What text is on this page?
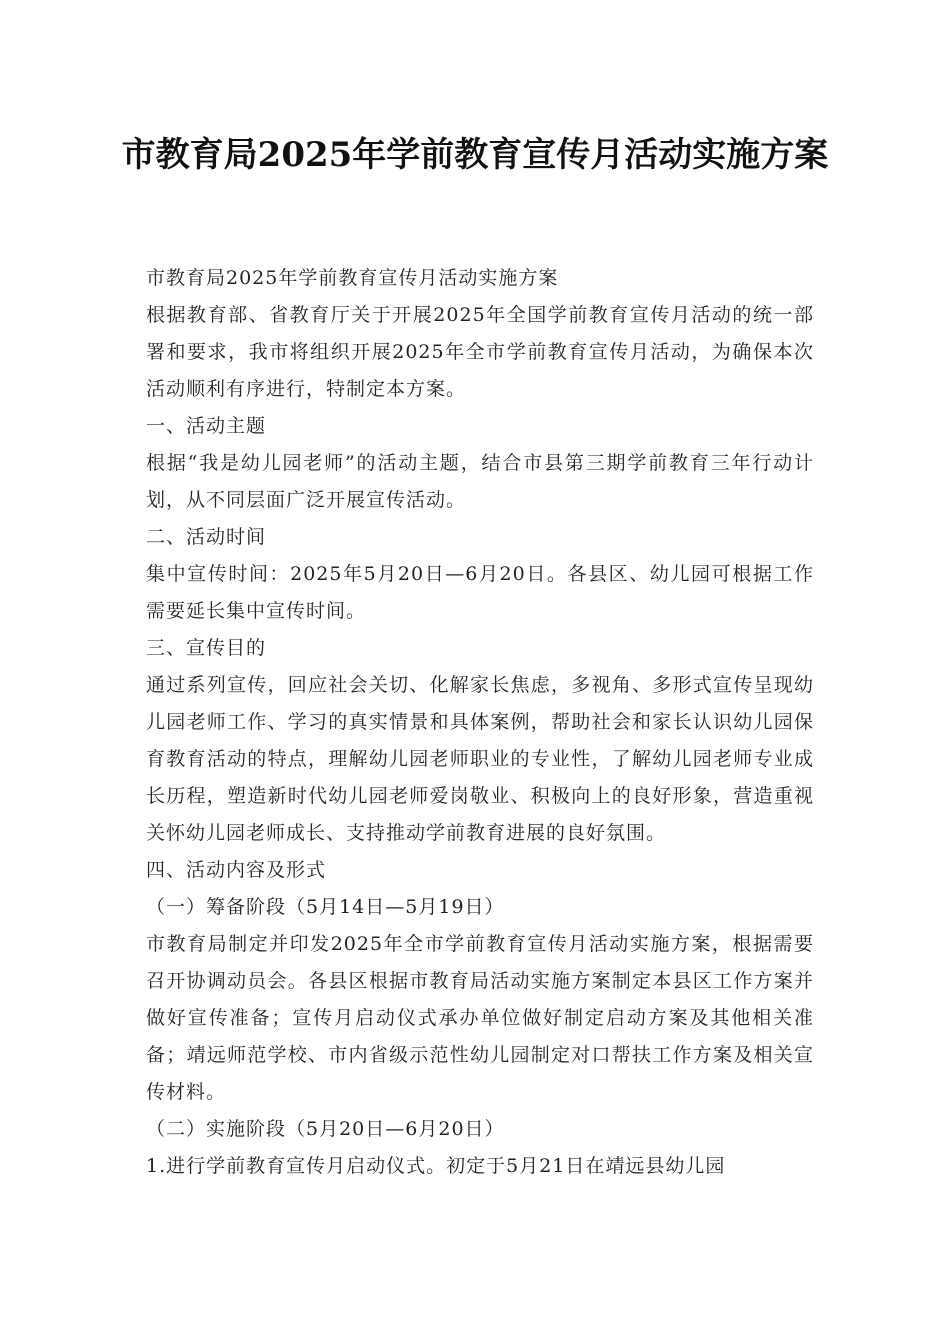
市教育局2025年学前教育宣传月活动实施方案

市教育局2025年学前教育宣传月活动实施方案

根据教育部、省教育厅关于开展2025年全国学前教育宣传月活动的统一部署和要求，我市将组织开展2025年全市学前教育宣传月活动，为确保本次活动顺利有序进行，特制定本方案。

一、活动主题

根据“我是幼儿园老师”的活动主题，结合市县第三期学前教育三年行动计划，从不同层面广泛开展宣传活动。

二、活动时间

集中宣传时间：2025年5月20日—6月20日。各县区、幼儿园可根据工作需要延长集中宣传时间。

三、宣传目的

通过系列宣传，回应社会关切、化解家长焦虑，多视角、多形式宣传呈现幼儿园老师工作、学习的真实情景和具体案例，帮助社会和家长认识幼儿园保育教育活动的特点，理解幼儿园老师职业的专业性，了解幼儿园老师专业成长历程，塑造新时代幼儿园老师爱岗敬业、积极向上的良好形象，营造重视关怀幼儿园老师成长、支持推动学前教育进展的良好氛围。

四、活动内容及形式

（一）筹备阶段（5月14日—5月19日）

市教育局制定并印发2025年全市学前教育宣传月活动实施方案，根据需要召开协调动员会。各县区根据市教育局活动实施方案制定本县区工作方案并做好宣传准备；宣传月启动仪式承办单位做好制定启动方案及其他相关准备；靖远师范学校、市内省级示范性幼儿园制定对口帮扶工作方案及相关宣传材料。

（二）实施阶段（5月20日—6月20日）

1.进行学前教育宣传月启动仪式。初定于5月21日在靖远县幼儿园
